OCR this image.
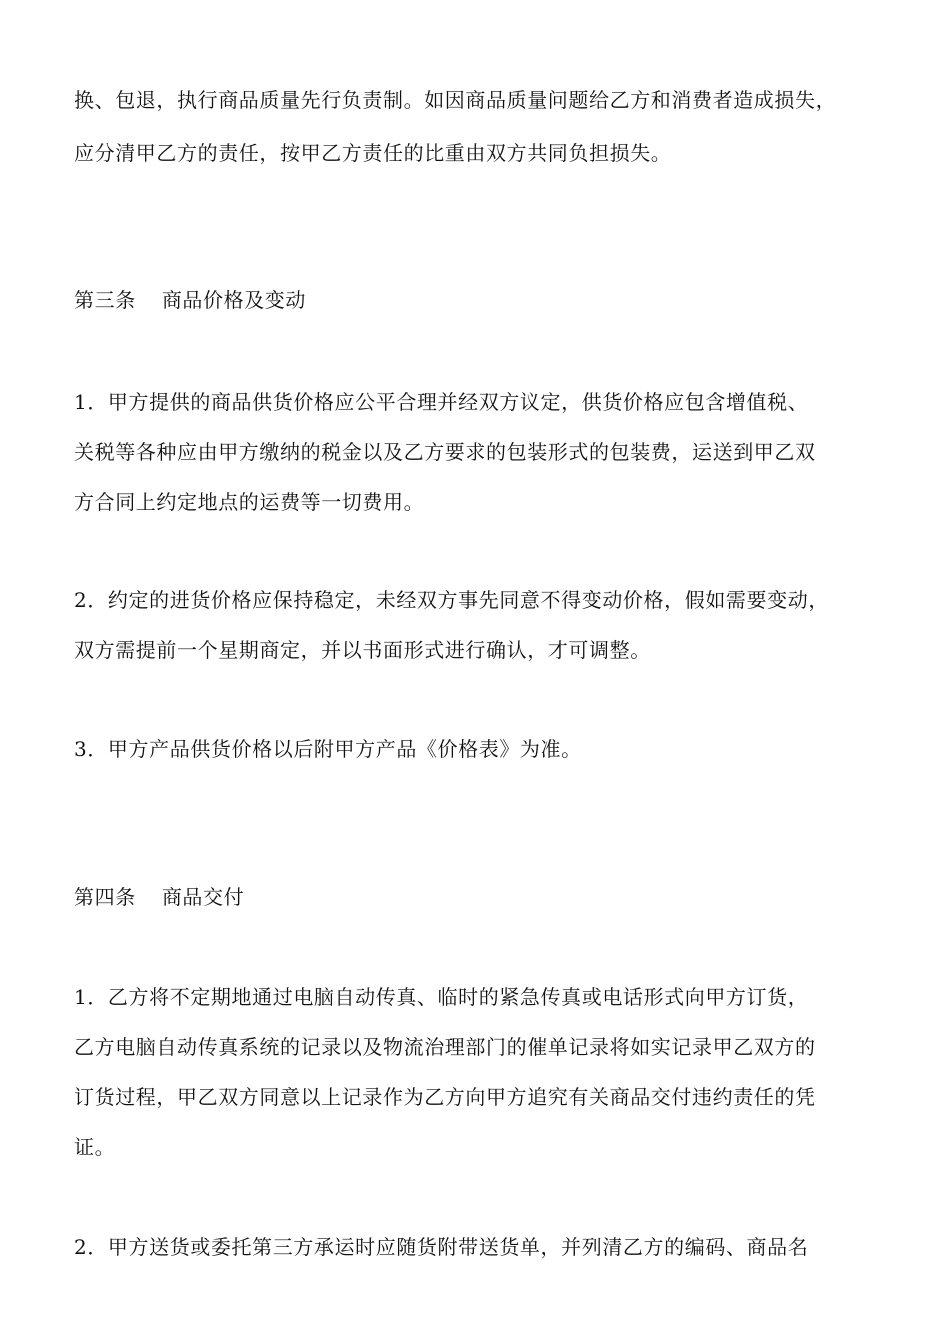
换、包退，执行商品质量先行负责制。如因商品质量问题给乙方和消费者造成损失，
应分清甲乙方的责任，按甲乙方责任的比重由双方共同负担损失。
第三条 商品价格及变动
1．甲方提供的商品供货价格应公平合理并经双方议定，供货价格应包含增值税、
关税等各种应由甲方缴纳的税金以及乙方要求的包装形式的包装费，运送到甲乙双
方合同上约定地点的运费等一切费用。
2．约定的进货价格应保持稳定，未经双方事先同意不得变动价格，假如需要变动，
双方需提前一个星期商定，并以书面形式进行确认，才可调整。
3．甲方产品供货价格以后附甲方产品《价格表》为准。
第四条 商品交付
1．乙方将不定期地通过电脑自动传真、临时的紧急传真或电话形式向甲方订货，
乙方电脑自动传真系统的记录以及物流治理部门的催单记录将如实记录甲乙双方的
订货过程，甲乙双方同意以上记录作为乙方向甲方追究有关商品交付违约责任的凭
证。
2．甲方送货或委托第三方承运时应随货附带送货单，并列清乙方的编码、商品名
